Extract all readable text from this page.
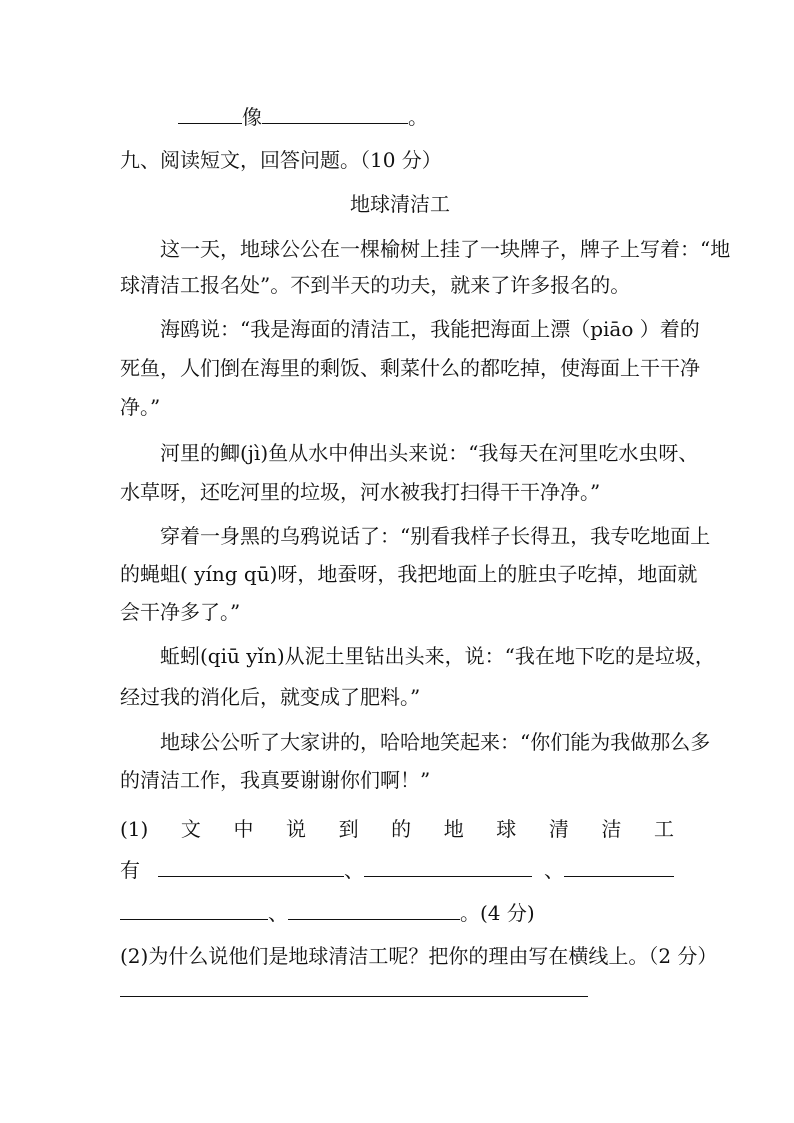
像	。
九、阅读短文，回答问题。（10 分）
地球清洁工
这一天，地球公公在一棵榆树上挂了一块牌子，牌子上写着：“地
球清洁工报名处”。不到半天的功夫，就来了许多报名的。
海鸥说：“我是海面的清洁工，我能把海面上漂（piāo ）着的
死鱼，人们倒在海里的剩饭、剩菜什么的都吃掉，使海面上干干净
净。”
河里的鲫(jì)鱼从水中伸出头来说：“我每天在河里吃水虫呀、
水草呀，还吃河里的垃圾，河水被我打扫得干干净净。”
穿着一身黑的乌鸦说话了：“别看我样子长得丑，我专吃地面上
的蝇蛆( yíng qū)呀，地蚕呀，我把地面上的脏虫子吃掉，地面就
会干净多了。”
蚯蚓(qiū yǐn)从泥土里钻出头来，说：“我在地下吃的是垃圾，
经过我的消化后，就变成了肥料。”
地球公公听了大家讲的，哈哈地笑起来：“你们能为我做那么多
的清洁工作，我真要谢谢你们啊！”
(1) 文 中 说 到 的 地 球 清 洁 工
有	、	、
、	。(4 分)
(2)为什么说他们是地球清洁工呢？把你的理由写在横线上。（2 分）
